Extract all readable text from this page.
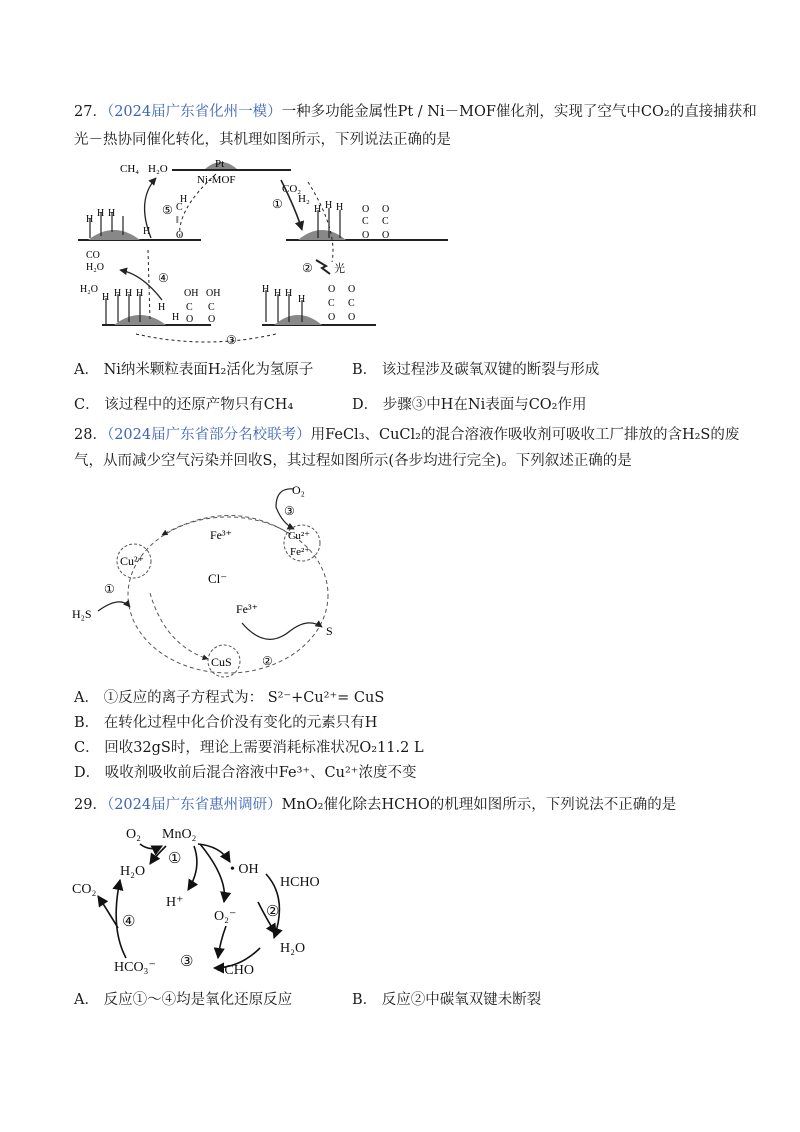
27．（2024届广东省化州一模）一种多功能金属性Pt / Ni－MOF催化剂，实现了空气中CO₂的直接捕获和
光－热协同催化转化，其机理如图所示，下列说法正确的是
Pt
Ni-MOF
CH₄ H₂O
H
H H
H
C
‖
O
H
⑤
CO₂
H₂
①	H H H O
C
O
O
C
O
CO
H₂O
H₂O
④
H H H H
H
H
OH
C
O
OH
C
O
③
H H H
H
O
C
O
O
C
O
② 光
A． Ni纳米颗粒表面H₂活化为氢原子	B． 该过程涉及碳氧双键的断裂与形成
C． 该过程中的还原产物只有CH₄	D． 步骤③中H在Ni表面与CO₂作用
28．（2024届广东省部分名校联考）用FeCl₃、CuCl₂的混合溶液作吸收剂可吸收工厂排放的含H₂S的废
气，从而减少空气污染并回收S，其过程如图所示(各步均进行完全)。下列叙述正确的是
O₂
③
Fe³⁺	Cu²⁺
Fe²⁺
Cu²⁺
Cl⁻
①
H₂S	Fe³⁺
S
CuS	②
A． ①反应的离子方程式为： S²⁻+Cu²⁺= CuS
B． 在转化过程中化合价没有变化的元素只有H
C． 回收32gS时，理论上需要消耗标准状况O₂11.2 L
D． 吸收剂吸收前后混合溶液中Fe³⁺、Cu²⁺浓度不变
29．（2024届广东省惠州调研）MnO₂催化除去HCHO的机理如图所示，下列说法不正确的是
O₂ MnO₂
H₂O	• OH
HCHO
CO₂
H⁺
O₂⁻
H₂O
HCO₃⁻	• CHO
①
②
③
④
A． 反应①～④均是氧化还原反应	B． 反应②中碳氧双键未断裂
